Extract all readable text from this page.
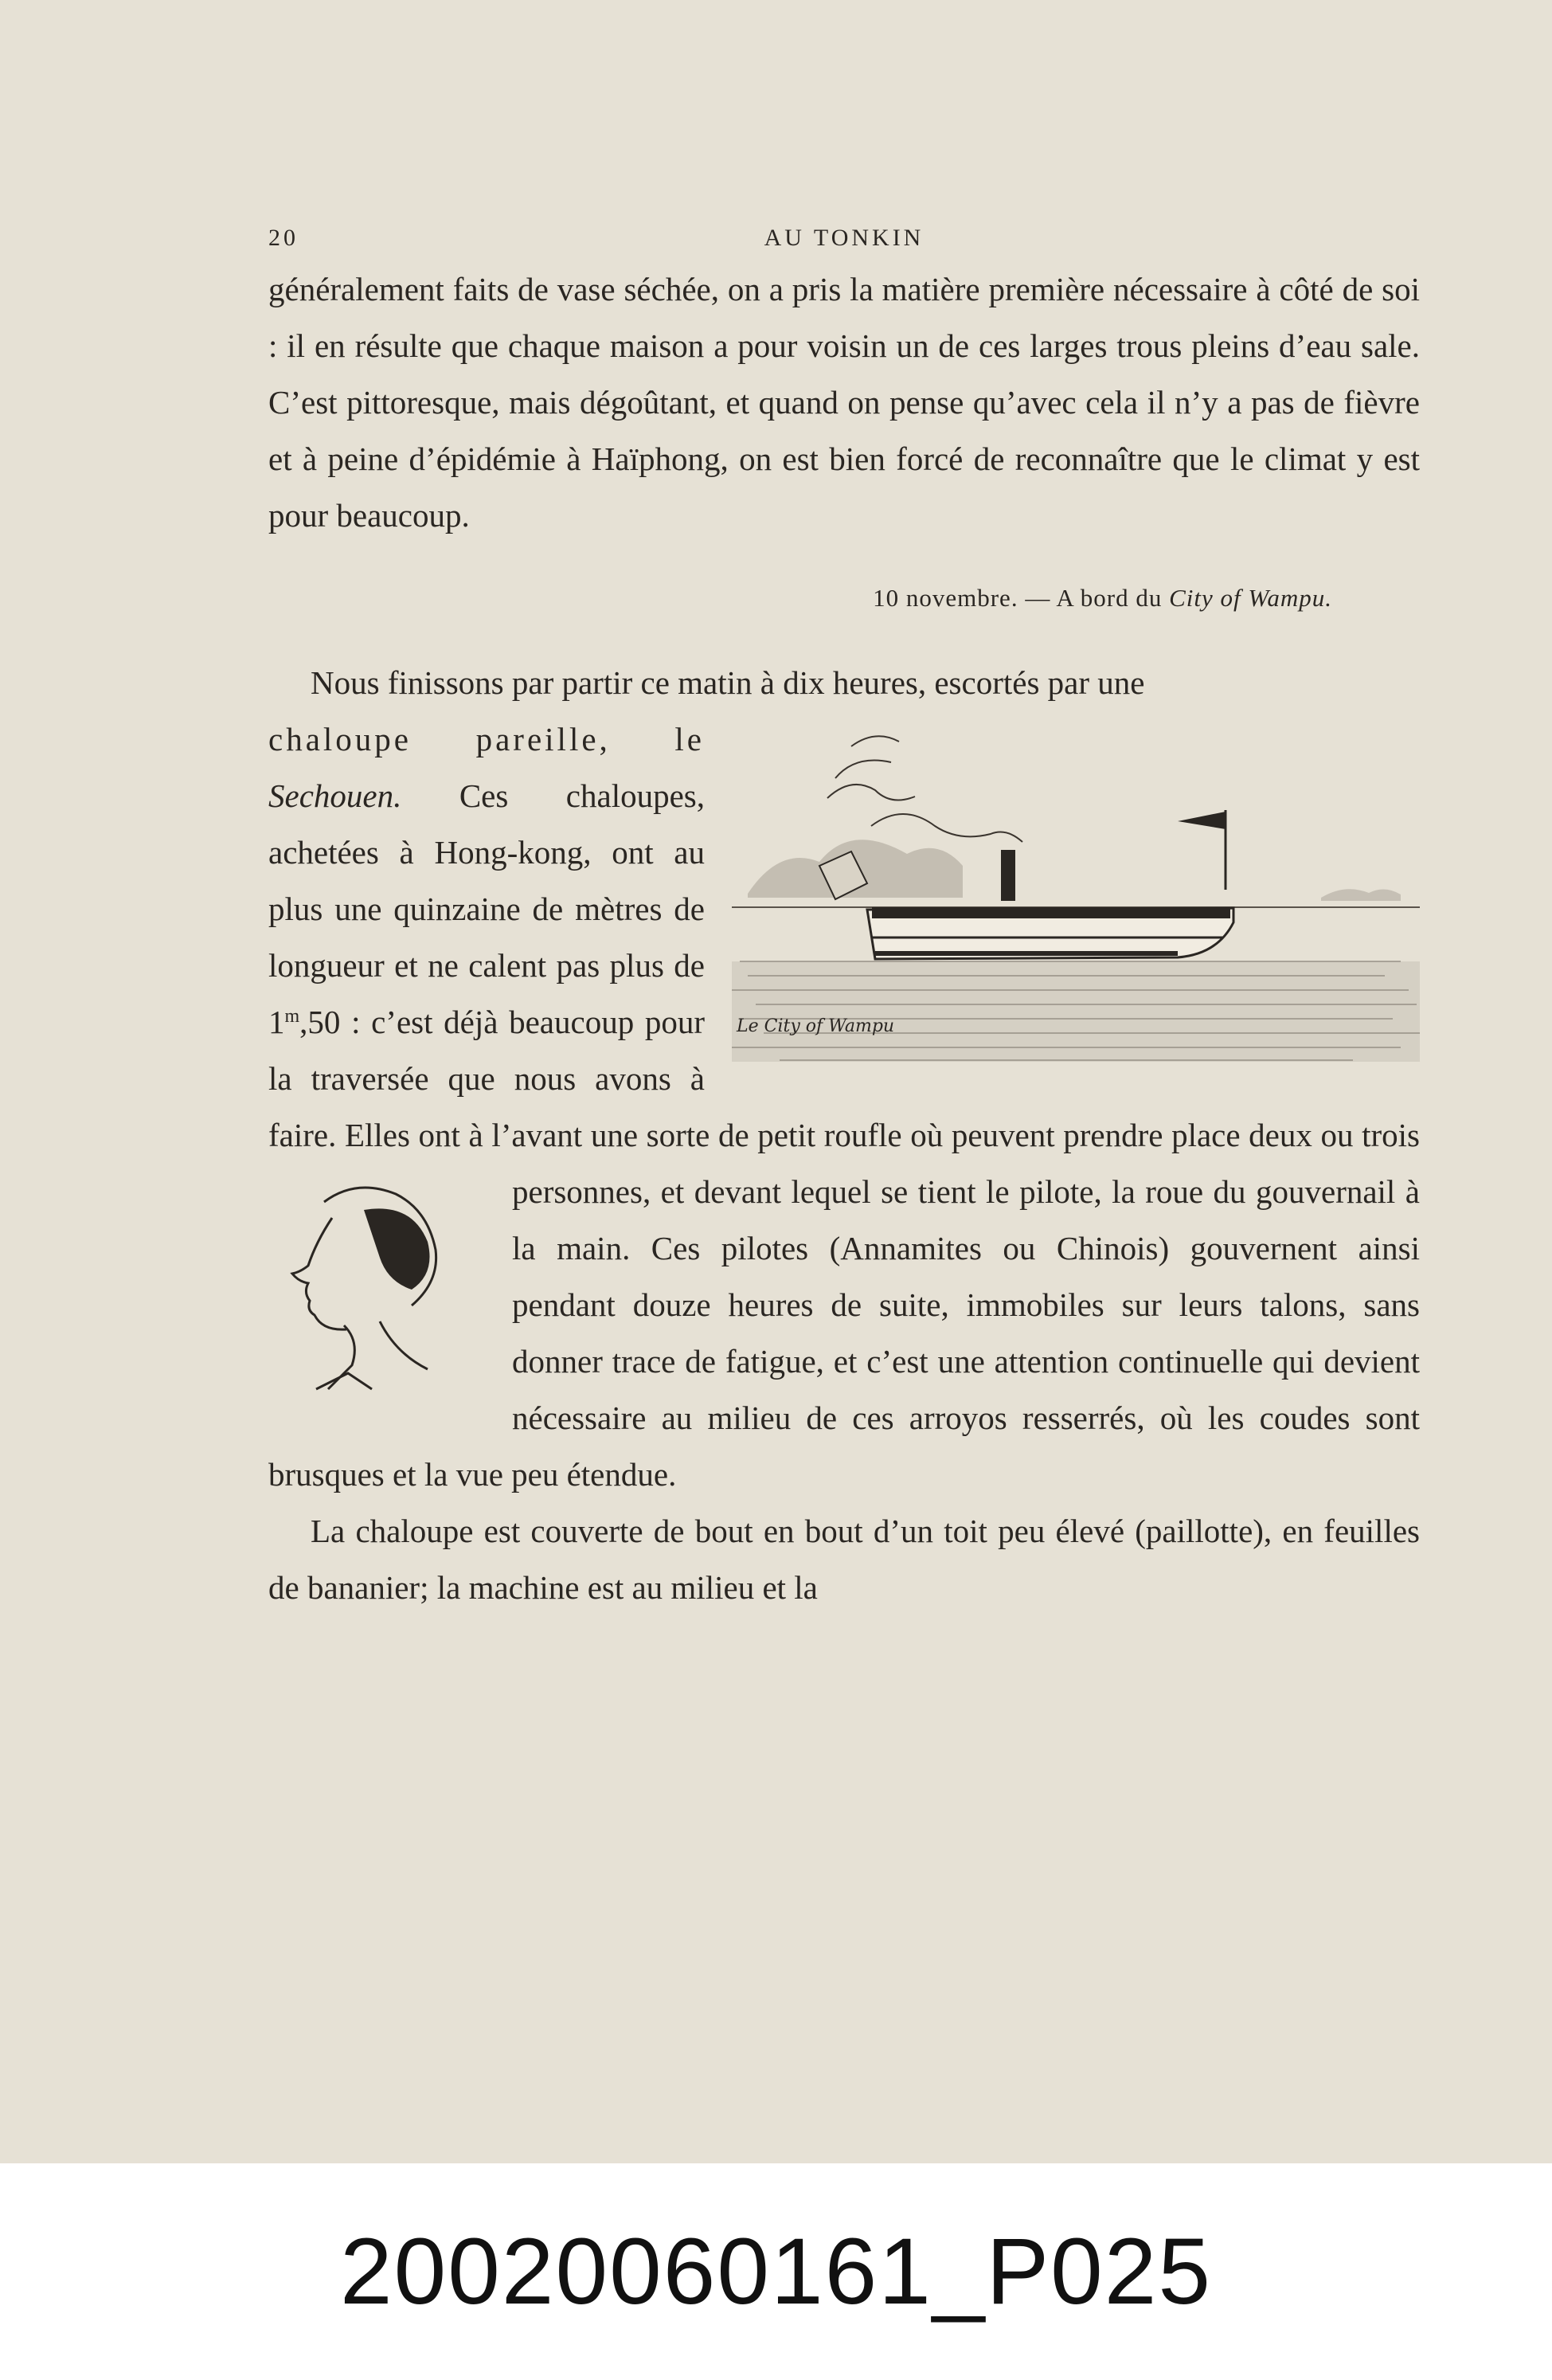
20	AU TONKIN

généralement faits de vase séchée, on a pris la matière première nécessaire à côté de soi : il en résulte que chaque maison a pour voisin un de ces larges trous pleins d’eau sale. C’est pittoresque, mais dégoûtant, et quand on pense qu’avec cela il n’y a pas de fièvre et à peine d’épidémie à Haïphong, on est bien forcé de reconnaître que le climat y est pour beaucoup.

10 novembre. — A bord du City of Wampu.

Nous finissons par partir ce matin à dix heures, escortés par une

Le City of Wampu

chaloupe pareille, le Sechouen. Ces chaloupes, achetées à Hong-kong, ont au plus une quinzaine de mètres de longueur et ne calent pas plus de 1$^m$,50 : c’est déjà beaucoup pour la traversée que nous avons à faire. Elles ont à l’avant une sorte de petit roufle où peuvent prendre place deux ou trois personnes, et
devant lequel se tient le pilote, la roue du gouvernail à la main. Ces pilotes (Annamites ou Chinois) gouvernent ainsi pendant douze heures de suite, immobiles sur leurs talons, sans donner trace de fatigue, et c’est une attention continuelle qui devient nécessaire au milieu de ces arroyos resserrés, où les coudes sont brusques et la vue peu étendue.

La chaloupe est couverte de bout en bout d’un toit peu élevé (paillotte), en feuilles de bananier; la machine est au milieu et la

20020060161_P025
